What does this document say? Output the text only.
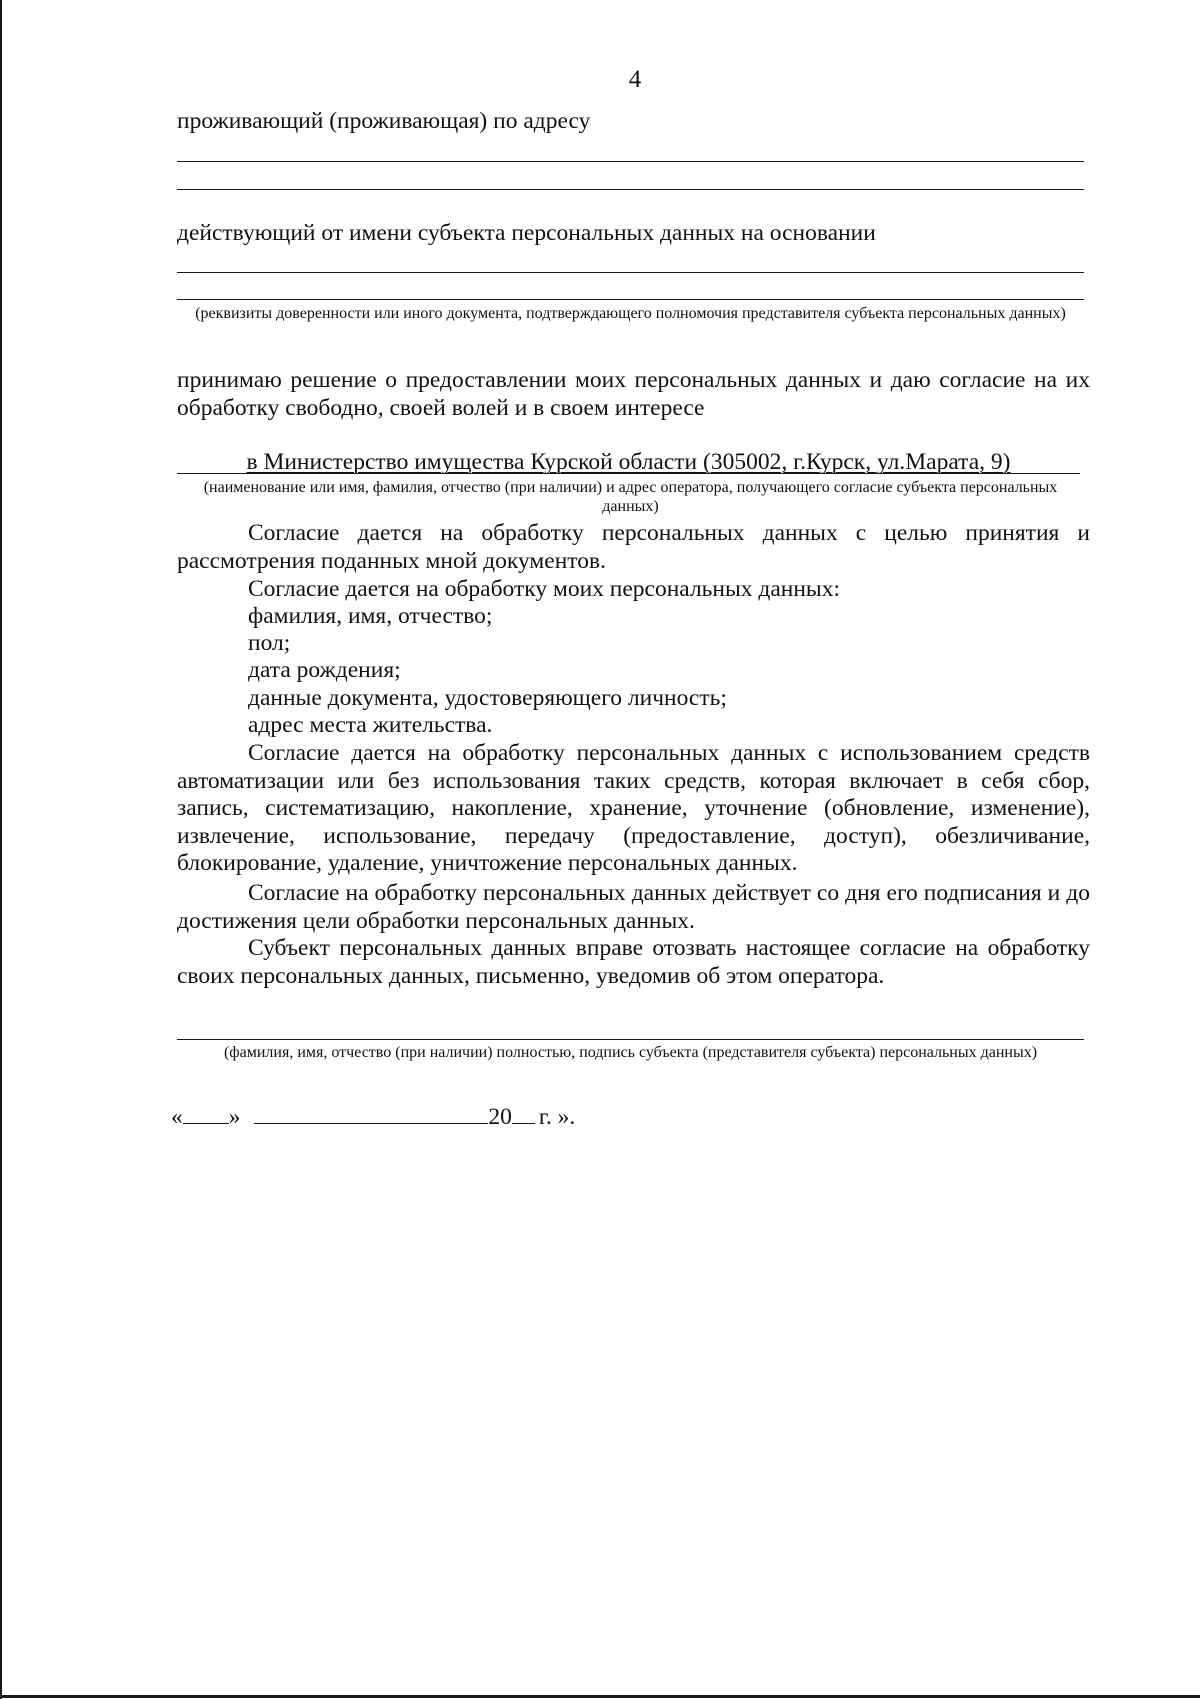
4
проживающий (проживающая) по адресу
действующий от имени субъекта персональных данных на основании
(реквизиты доверенности или иного документа, подтверждающего полномочия представителя субъекта персональных данных)
принимаю решение о предоставлении моих персональных данных и даю согласие на их обработку свободно, своей волей и в своем интересе
в Министерство имущества Курской области (305002, г.Курск, ул.Марата, 9)
(наименование или имя, фамилия, отчество (при наличии) и адрес оператора, получающего согласие субъекта персональных данных)
Согласие дается на обработку персональных данных с целью принятия и рассмотрения поданных мной документов.
Согласие дается на обработку моих персональных данных:
фамилия, имя, отчество;
пол;
дата рождения;
данные документа, удостоверяющего личность;
адрес места жительства.
Согласие дается на обработку персональных данных с использованием средств автоматизации или без использования таких средств, которая включает в себя сбор, запись, систематизацию, накопление, хранение, уточнение (обновление, изменение), извлечение, использование, передачу (предоставление, доступ), обезличивание, блокирование, удаление, уничтожение персональных данных.
Согласие на обработку персональных данных действует со дня его подписания и до достижения цели обработки персональных данных.
Субъект персональных данных вправе отозвать настоящее согласие на обработку своих персональных данных, письменно, уведомив об этом оператора.
(фамилия, имя, отчество (при наличии) полностью, подпись субъекта (представителя субъекта) персональных данных)
« »	20 г. ».
